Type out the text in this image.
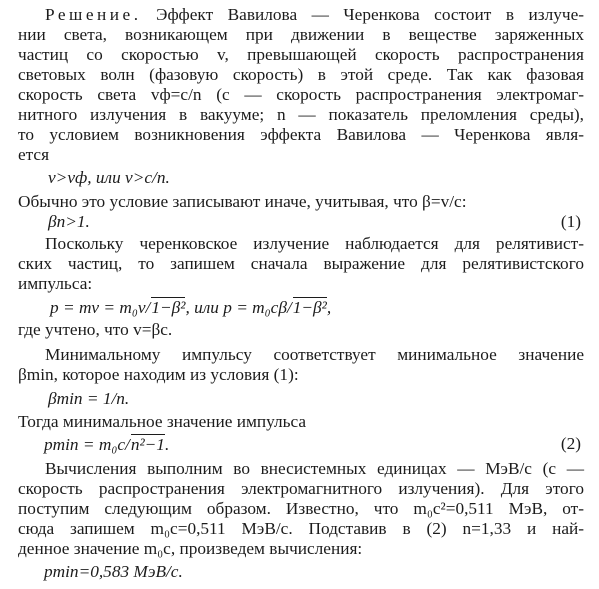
Решение. Эффект Вавилова — Черенкова состоит в излуче-
нии света, возникающем при движении в веществе заряженных
частиц со скоростью v, превышающей скорость распространения
световых волн (фазовую скорость) в этой среде. Так как фазовая
скорость света vф=c/n (c — скорость распространения электромаг-
нитного излучения в вакууме; n — показатель преломления среды),
то условием возникновения эффекта Вавилова — Черенкова явля-
ется
v>vф, или v>c/n.
Обычно это условие записывают иначе, учитывая, что β=v/c:
βn>1.	(1)
Поскольку черенковское излучение наблюдается для релятивист-
ских частиц, то запишем сначала выражение для релятивистского
импульса:
p = mv = m₀v/1−β², или p = m₀cβ/1−β²,
где учтено, что v=βc.
Минимальному импульсу соответствует минимальное значение
βmin, которое находим из условия (1):
βmin = 1/n.
Тогда минимальное значение импульса
pmin = m₀c/n²−1.	(2)
Вычисления выполним во внесистемных единицах — МэВ/c (c —
скорость распространения электромагнитного излучения). Для этого
поступим следующим образом. Известно, что m₀c²=0,511 МэВ, от-
сюда запишем m₀c=0,511 МэВ/c. Подставив в (2) n=1,33 и най-
денное значение m₀c, произведем вычисления:
pmin=0,583 МэВ/c.
